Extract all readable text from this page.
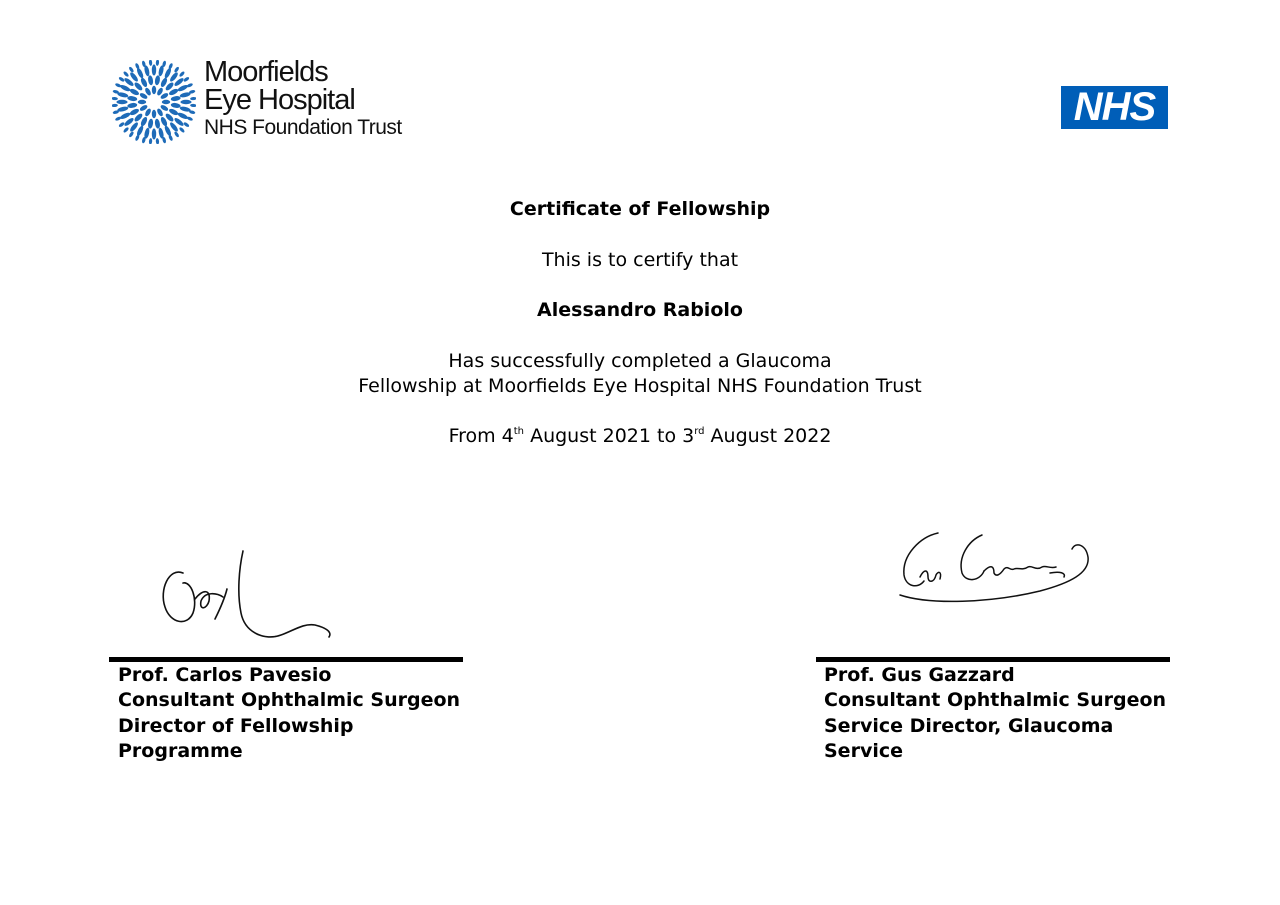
Moorfields
Eye Hospital
NHS Foundation Trust	NHS
Certificate of Fellowship
This is to certify that
Alessandro Rabiolo
Has successfully completed a Glaucoma
Fellowship at Moorfields Eye Hospital NHS Foundation Trust
From 4th August 2021 to 3rd August 2022
Prof. Carlos Pavesio
Consultant Ophthalmic Surgeon
Director of Fellowship
Programme
Prof. Gus Gazzard
Consultant Ophthalmic Surgeon
Service Director, Glaucoma
Service
